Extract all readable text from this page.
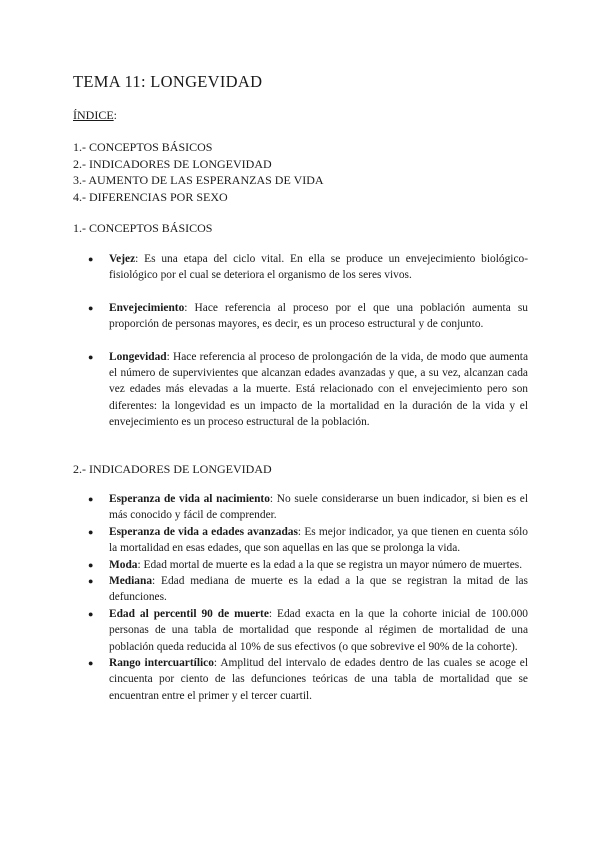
TEMA 11: LONGEVIDAD
ÍNDICE:
1.- CONCEPTOS BÁSICOS
2.- INDICADORES DE LONGEVIDAD
3.- AUMENTO DE LAS ESPERANZAS DE VIDA
4.- DIFERENCIAS POR SEXO
1.- CONCEPTOS BÁSICOS
● Vejez: Es una etapa del ciclo vital. En ella se produce un envejecimiento biológico-fisiológico por el cual se deteriora el organismo de los seres vivos.
● Envejecimiento: Hace referencia al proceso por el que una población aumenta su proporción de personas mayores, es decir, es un proceso estructural y de conjunto.
● Longevidad: Hace referencia al proceso de prolongación de la vida, de modo que aumenta el número de supervivientes que alcanzan edades avanzadas y que, a su vez, alcanzan cada vez edades más elevadas a la muerte. Está relacionado con el envejecimiento pero son diferentes: la longevidad es un impacto de la mortalidad en la duración de la vida y el envejecimiento es un proceso estructural de la población.
2.- INDICADORES DE LONGEVIDAD
● Esperanza de vida al nacimiento: No suele considerarse un buen indicador, si bien es el más conocido y fácil de comprender.
● Esperanza de vida a edades avanzadas: Es mejor indicador, ya que tienen en cuenta sólo la mortalidad en esas edades, que son aquellas en las que se prolonga la vida.
● Moda: Edad mortal de muerte es la edad a la que se registra un mayor número de muertes.
● Mediana: Edad mediana de muerte es la edad a la que se registran la mitad de las defunciones.
● Edad al percentil 90 de muerte: Edad exacta en la que la cohorte inicial de 100.000 personas de una tabla de mortalidad que responde al régimen de mortalidad de una población queda reducida al 10% de sus efectivos (o que sobrevive el 90% de la cohorte).
● Rango intercuartílico: Amplitud del intervalo de edades dentro de las cuales se acoge el cincuenta por ciento de las defunciones teóricas de una tabla de mortalidad que se encuentran entre el primer y el tercer cuartil.
